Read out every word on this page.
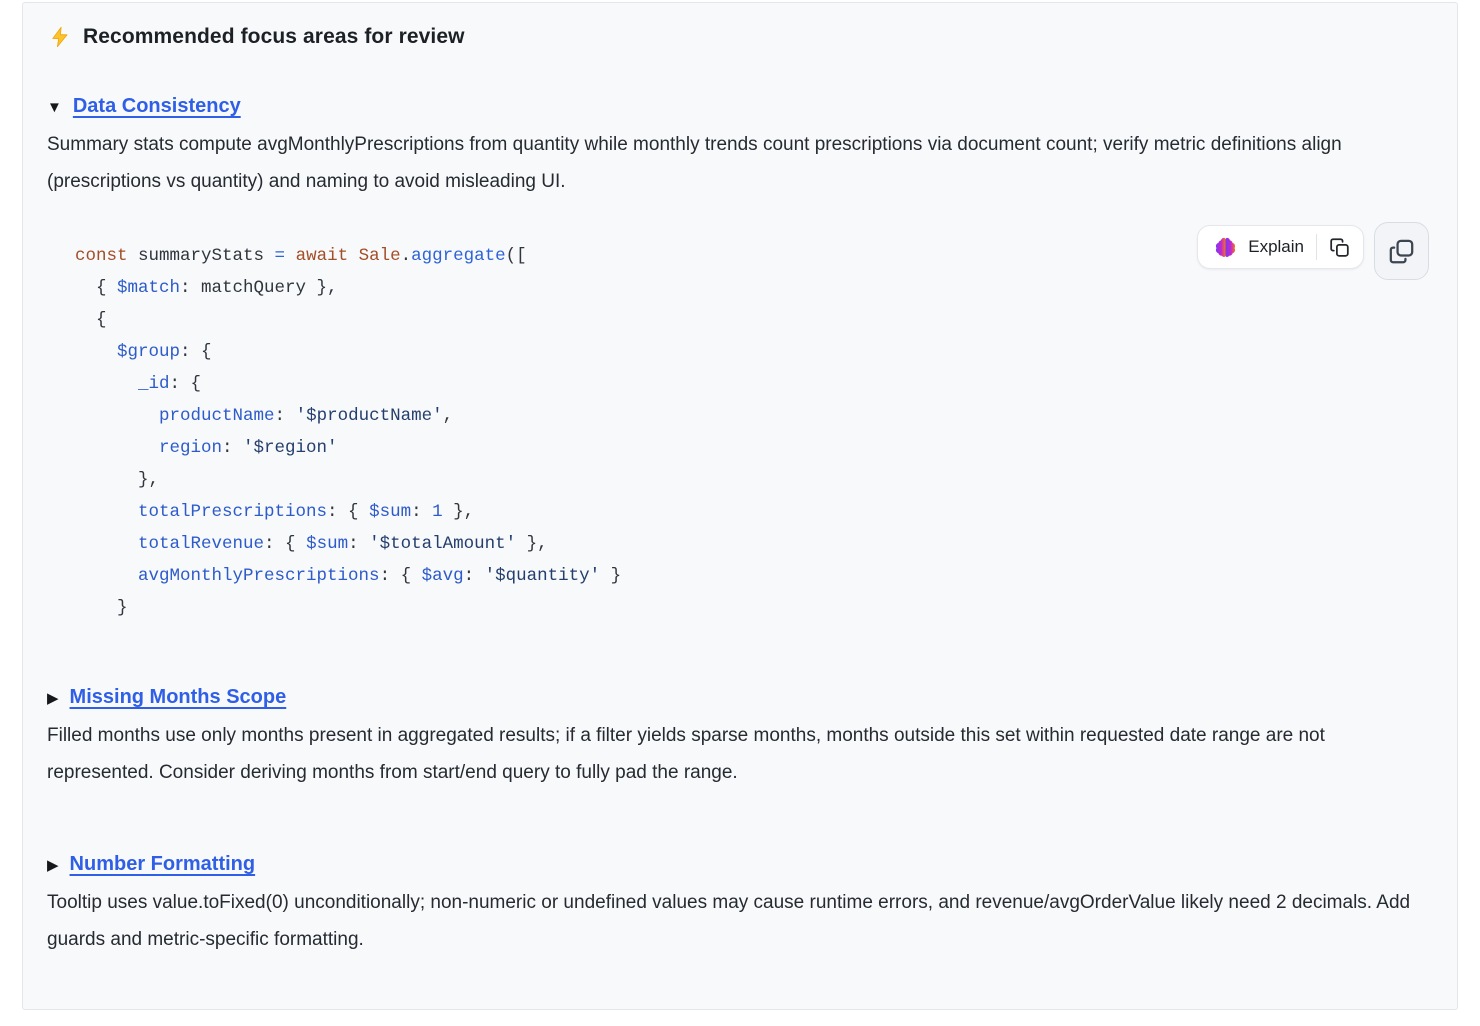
Recommended focus areas for review
▼ Data Consistency

Summary stats compute avgMonthlyPrescriptions from quantity while monthly trends count prescriptions via document count; verify metric definitions align (prescriptions vs quantity) and naming to avoid misleading UI.

Explain
const summaryStats = await Sale.aggregate([
{ $match: matchQuery },
{
$group: {
_id: {
productName: '$productName',
region: '$region'
},
totalPrescriptions: { $sum: 1 },
totalRevenue: { $sum: '$totalAmount' },
avgMonthlyPrescriptions: { $avg: '$quantity' }
}
▶ Missing Months Scope

Filled months use only months present in aggregated results; if a filter yields sparse months, months outside this set within requested date range are not represented. Consider deriving months from start/end query to fully pad the range.

▶ Number Formatting

Tooltip uses value.toFixed(0) unconditionally; non-numeric or undefined values may cause runtime errors, and revenue/avgOrderValue likely need 2 decimals. Add guards and metric-specific formatting.
